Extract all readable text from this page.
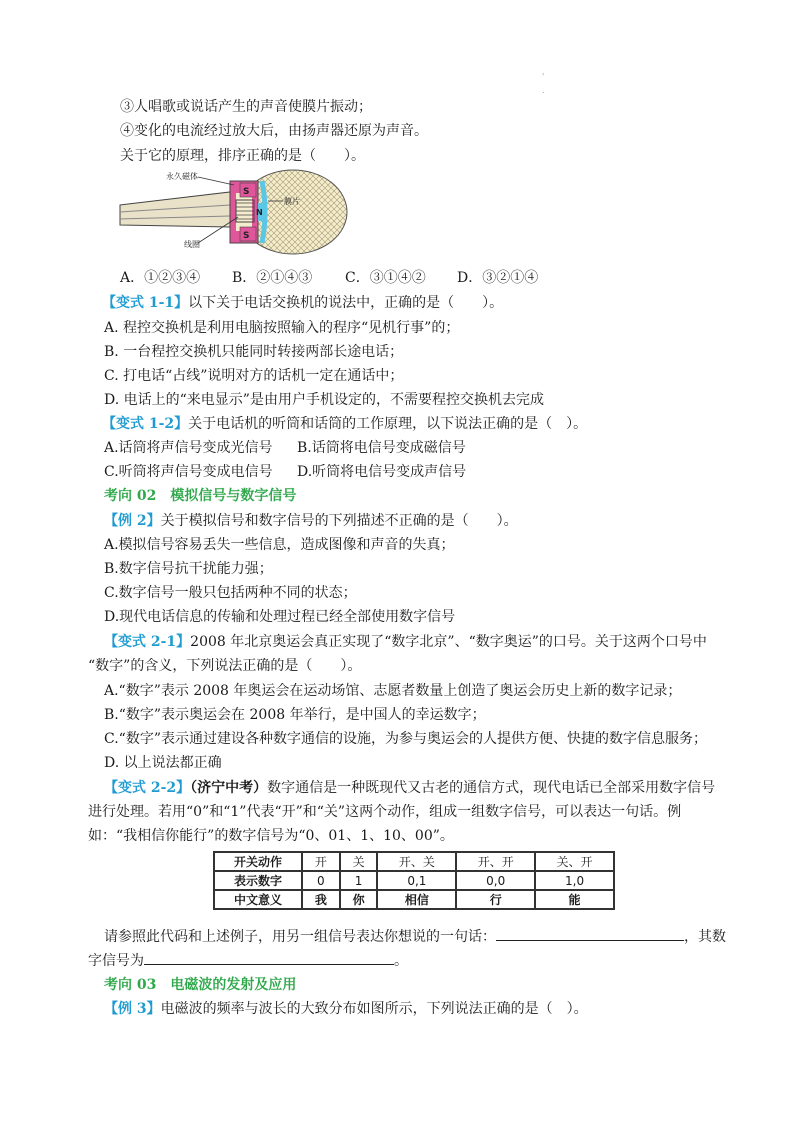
'
.
③人唱歌或说话产生的声音使膜片振动；
④变化的电流经过放大后，由扬声器还原为声音。
关于它的原理，排序正确的是（　　）。
S
S
N
永久磁体
膜片
线圈
A．①②③④ B．②①④③ C．③①④② D．③②①④
【变式 1-1】以下关于电话交换机的说法中，正确的是（　　）。
A. 程控交换机是利用电脑按照输入的程序“见机行事”的；
B. 一台程控交换机只能同时转接两部长途电话；
C. 打电话“占线”说明对方的话机一定在通话中；
D. 电话上的“来电显示”是由用户手机设定的，不需要程控交换机去完成
【变式 1-2】关于电话机的听筒和话筒的工作原理，以下说法正确的是（　）。
A.话筒将声信号变成光信号 B.话筒将电信号变成磁信号
C.听筒将声信号变成电信号 D.听筒将电信号变成声信号
考向 02　模拟信号与数字信号
【例 2】关于模拟信号和数字信号的下列描述不正确的是（　　）。
A.模拟信号容易丢失一些信息，造成图像和声音的失真；
B.数字信号抗干扰能力强；
C.数字信号一般只包括两种不同的状态；
D.现代电话信息的传输和处理过程已经全部使用数字信号
【变式 2-1】2008 年北京奥运会真正实现了“数字北京”、“数字奥运”的口号。关于这两个口号中
“数字”的含义，下列说法正确的是（　　）。
A.“数字”表示 2008 年奥运会在运动场馆、志愿者数量上创造了奥运会历史上新的数字记录；
B.“数字”表示奥运会在 2008 年举行，是中国人的幸运数字；
C.“数字”表示通过建设各种数字通信的设施，为参与奥运会的人提供方便、快捷的数字信息服务；
D. 以上说法都正确
【变式 2-2】（济宁中考）数字通信是一种既现代又古老的通信方式，现代电话已全部采用数字信号
进行处理。若用“0”和“1”代表“开”和“关”这两个动作，组成一组数字信号，可以表达一句话。例
如：“我相信你能行”的数字信号为“0、01、1、10、00”。
开关动作	开	关	开、关	开、开	关、开
表示数字	0	1	0,1	0,0	1,0
中文意义	我	你	相信	行	能
请参照此代码和上述例子，用另一组信号表达你想说的一句话：	，其数
字信号为	。
考向 03　电磁波的发射及应用
【例 3】电磁波的频率与波长的大致分布如图所示，下列说法正确的是（　）。
